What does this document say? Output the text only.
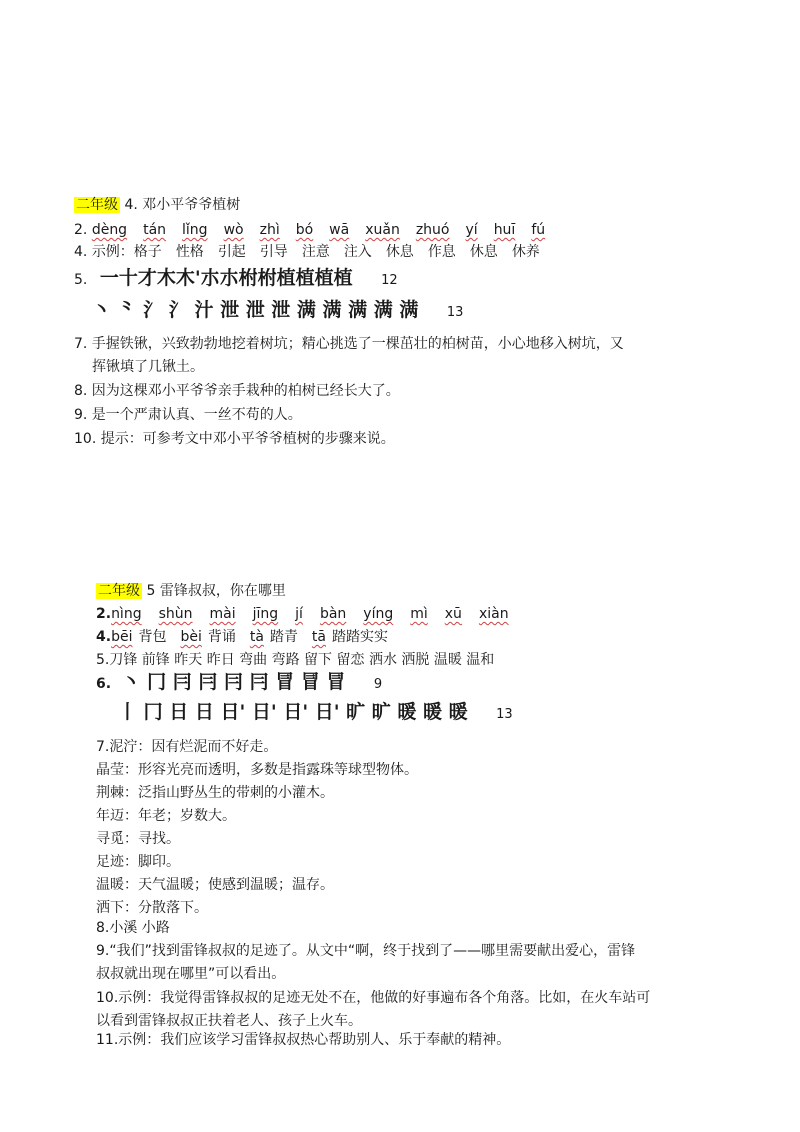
二年级 4. 邓小平爷爷植树
2. dèng tán lǐng wò zhì bó wā xuǎn zhuó yí huī fú
4. 示例：格子 性格 引起 引导 注意 注入 休息 作息 休息 休养
5. 一十才木木'朩朩柎柎植植植植 12
丶 ⺀ 氵 氵 汁 泄 泄 泄 满 满 满 满 满 13
7. 手握铁锹，兴致勃勃地挖着树坑；精心挑选了一棵茁壮的柏树苗，小心地移入树坑，又
挥锹填了几锹土。
8. 因为这棵邓小平爷爷亲手栽种的柏树已经长大了。
9. 是一个严肃认真、一丝不苟的人。
10. 提示：可参考文中邓小平爷爷植树的步骤来说。
二年级 5 雷锋叔叔，你在哪里
2.nìng shùn mài jīng jí bàn yíng mì xū xiàn
4.bēi 背包 bèi 背诵 tà 踏青 tā 踏踏实实
5.刀锋 前锋 昨天 昨日 弯曲 弯路 留下 留恋 洒水 洒脱 温暖 温和
6. 丶 冂 冃 冃 冃 冃 冒 冒 冒 9
丨 冂 日 日 日' 日' 日' 日' 旷 旷 暖 暖 暖 13
7.泥泞：因有烂泥而不好走。
晶莹：形容光亮而透明，多数是指露珠等球型物体。
荆棘：泛指山野丛生的带刺的小灌木。
年迈：年老；岁数大。
寻觅：寻找。
足迹：脚印。
温暖：天气温暖；使感到温暖；温存。
洒下：分散落下。
8.小溪 小路
9.“我们”找到雷锋叔叔的足迹了。从文中“啊，终于找到了——哪里需要献出爱心，雷锋
叔叔就出现在哪里”可以看出。
10.示例：我觉得雷锋叔叔的足迹无处不在，他做的好事遍布各个角落。比如，在火车站可
以看到雷锋叔叔正扶着老人、孩子上火车。
11.示例：我们应该学习雷锋叔叔热心帮助别人、乐于奉献的精神。
